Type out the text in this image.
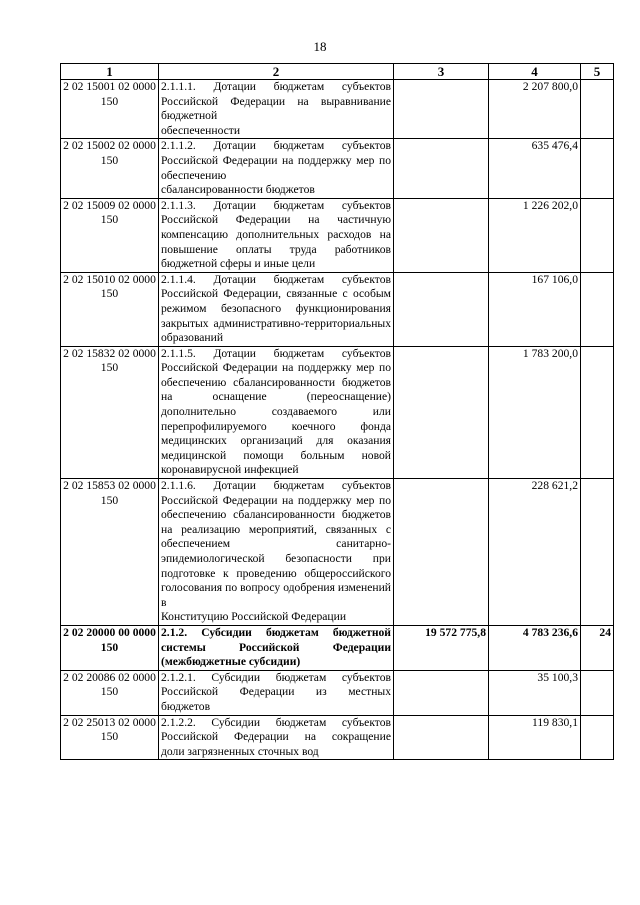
18
1	2	3	4	5
2 02 15001 02 0000 150	2.1.1.1. Дотации бюджетам субъектов Российской Федерации на выравнивание бюджетной
обеспеченности		2 207 800,0	
2 02 15002 02 0000 150	2.1.1.2. Дотации бюджетам субъектов Российской Федерации на поддержку мер по обеспечению
сбалансированности бюджетов		635 476,4	
2 02 15009 02 0000 150	2.1.1.3. Дотации бюджетам субъектов Российской Федерации на частичную компенсацию дополнительных расходов на повышение оплаты труда работников
бюджетной сферы и иные цели		1 226 202,0	
2 02 15010 02 0000 150	2.1.1.4. Дотации бюджетам субъектов Российской Федерации, связанные с особым режимом безопасного функционирования закрытых административно-территориальных
образований		167 106,0	
2 02 15832 02 0000 150	2.1.1.5. Дотации бюджетам субъектов Российской Федерации на поддержку мер по обеспечению сбалансированности бюджетов на оснащение (переоснащение) дополнительно создаваемого или перепрофилируемого коечного фонда медицинских организаций для оказания медицинской помощи больным новой
коронавирусной инфекцией		1 783 200,0	
2 02 15853 02 0000 150	2.1.1.6. Дотации бюджетам субъектов Российской Федерации на поддержку мер по обеспечению сбалансированности бюджетов на реализацию мероприятий, связанных с обеспечением санитарно-эпидемиологической безопасности при подготовке к проведению общероссийского голосования по вопросу одобрения изменений в
Конституцию Российской Федерации		228 621,2	
2 02 20000 00 0000 150	2.1.2. Субсидии бюджетам бюджетной системы Российской Федерации
(межбюджетные субсидии)	19 572 775,8	4 783 236,6	24
2 02 20086 02 0000 150	2.1.2.1. Субсидии бюджетам субъектов Российской Федерации из местных
бюджетов		35 100,3	
2 02 25013 02 0000 150	2.1.2.2. Субсидии бюджетам субъектов Российской Федерации на сокращение
доли загрязненных сточных вод		119 830,1	
